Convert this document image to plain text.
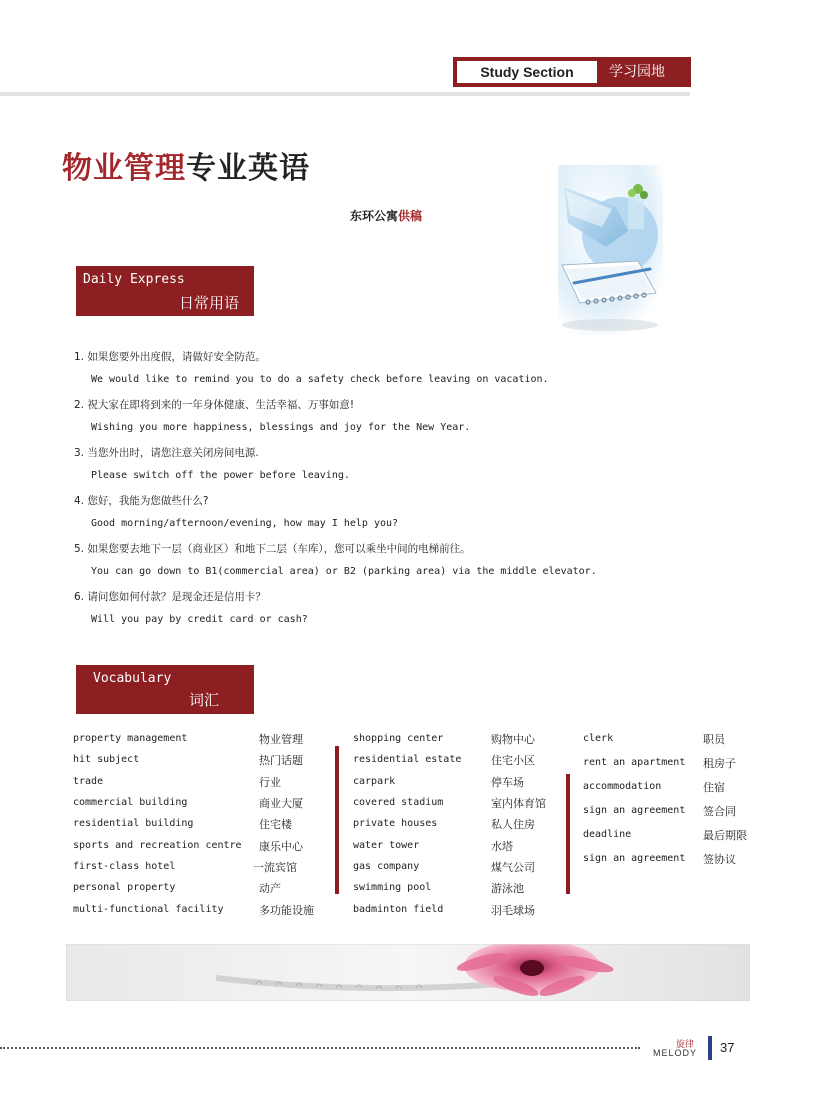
Study Section	学习园地
物业管理专业英语
东环公寓供稿
Daily Express
日常用语
1. 如果您要外出度假，请做好安全防范。
We would like to remind you to do a safety check before leaving on vacation.
2. 祝大家在即将到来的一年身体健康、生活幸福、万事如意!
Wishing you more happiness, blessings and joy for the New Year.
3. 当您外出时，请您注意关闭房间电源.
Please switch off the power before leaving.
4. 您好，我能为您做些什么?
Good morning/afternoon/evening, how may I help you?
5. 如果您要去地下一层（商业区）和地下二层（车库），您可以乘坐中间的电梯前往。
You can go down to B1(commercial area) or B2 (parking area) via the middle elevator.
6. 请问您如何付款？是现金还是信用卡？
Will you pay by credit card or cash?
Vocabulary
词汇
property management	物业管理
hit subject	热门话题
trade	行业
commercial building	商业大厦
residential building	住宅楼
sports and recreation centre 康乐中心
first-class hotel	一流宾馆
personal property	动产
multi-functional facility	多功能设施
shopping center	购物中心
residential estate	住宅小区
carpark	停车场
covered stadium	室内体育馆
private houses	私人住房
water tower	水塔
gas company	煤气公司
swimming pool	游泳池
badminton field	羽毛球场
clerk	职员
rent an apartment 租房子
accommodation	住宿
sign an agreement 签合同
deadline	最后期限
sign an agreement 签协议
旋律
MELODY 37
